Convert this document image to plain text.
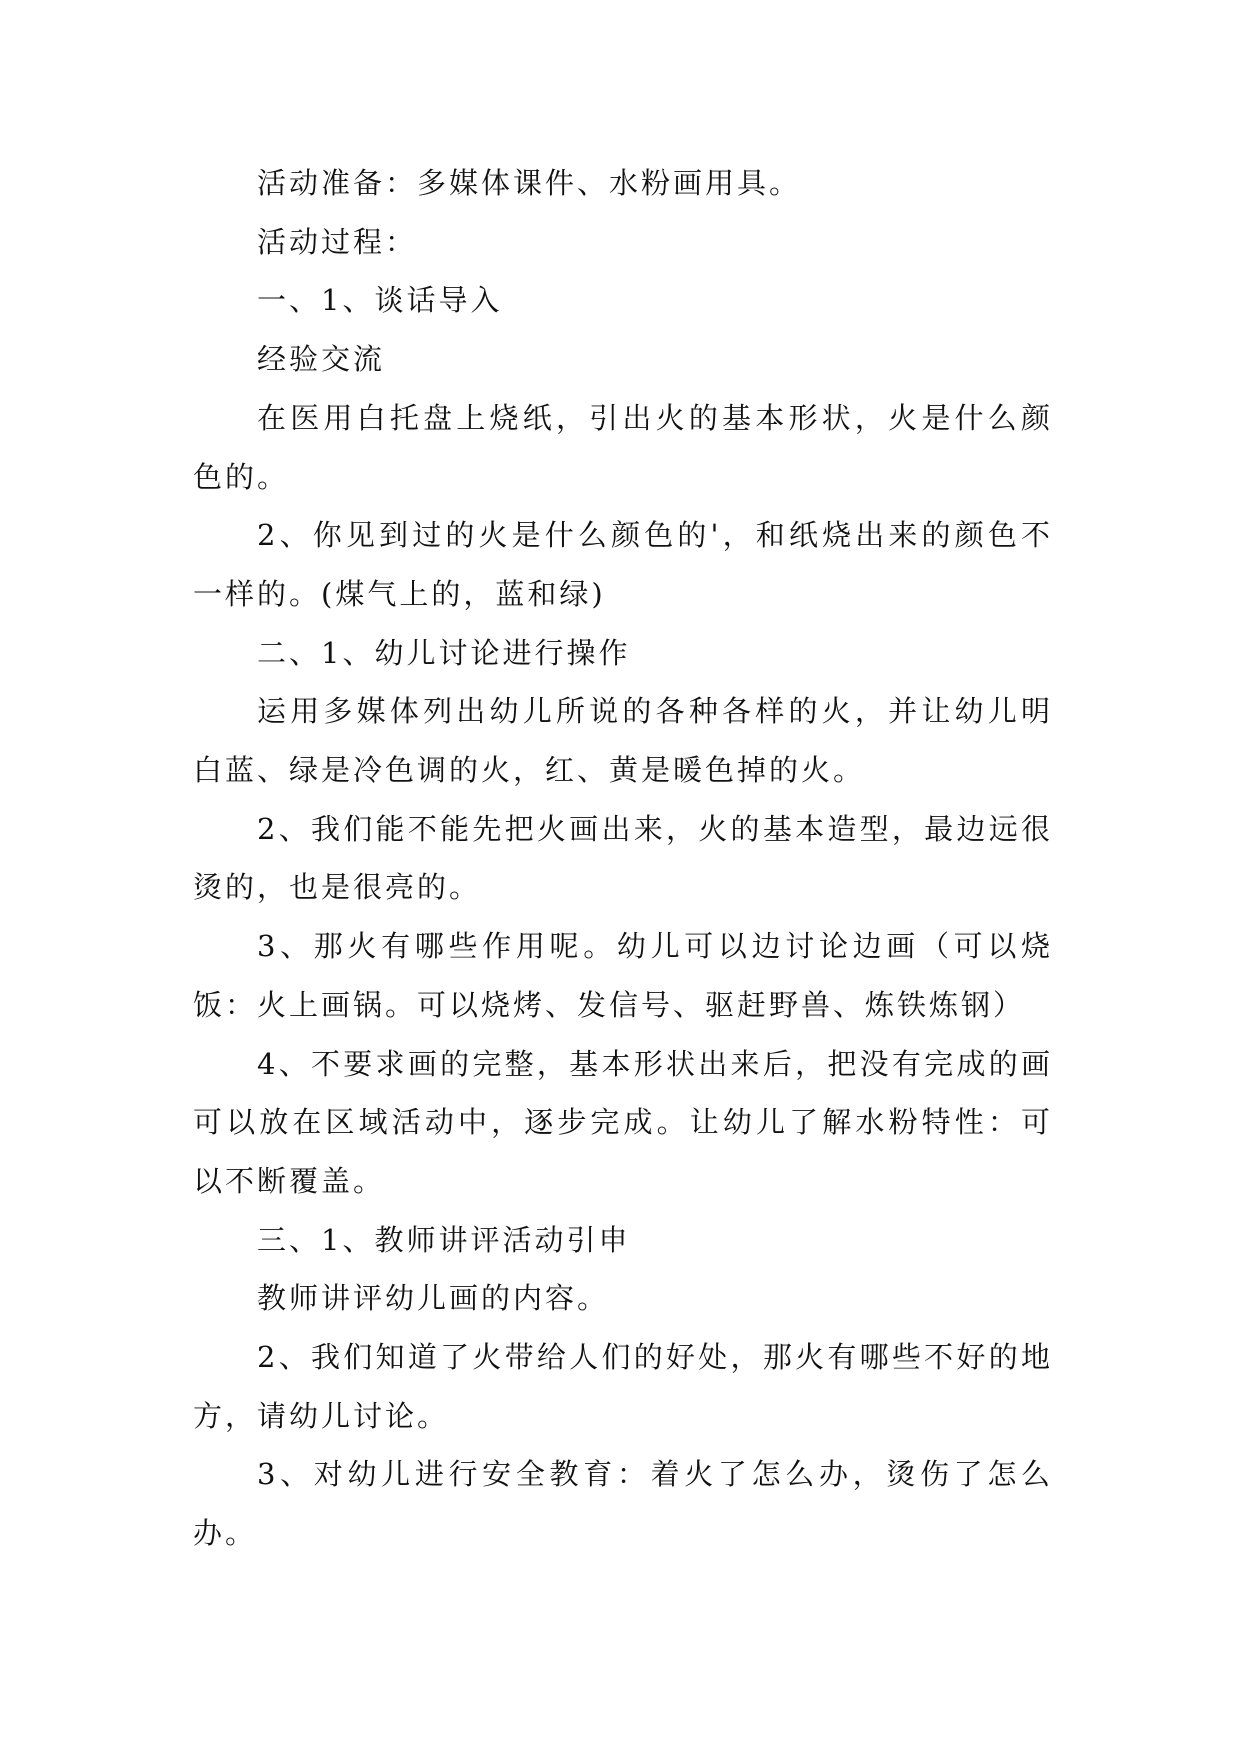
活动准备：多媒体课件、水粉画用具。

活动过程：

一、1、谈话导入

经验交流

在医用白托盘上烧纸，引出火的基本形状，火是什么颜色的。

2、你见到过的火是什么颜色的'，和纸烧出来的颜色不一样的。(煤气上的，蓝和绿)

二、1、幼儿讨论进行操作

运用多媒体列出幼儿所说的各种各样的火，并让幼儿明白蓝、绿是冷色调的火，红、黄是暖色掉的火。

2、我们能不能先把火画出来，火的基本造型，最边远很烫的，也是很亮的。

3、那火有哪些作用呢。幼儿可以边讨论边画（可以烧饭：火上画锅。可以烧烤、发信号、驱赶野兽、炼铁炼钢）

4、不要求画的完整，基本形状出来后，把没有完成的画可以放在区域活动中，逐步完成。让幼儿了解水粉特性：可以不断覆盖。

三、1、教师讲评活动引申

教师讲评幼儿画的内容。

2、我们知道了火带给人们的好处，那火有哪些不好的地方，请幼儿讨论。

3、对幼儿进行安全教育：着火了怎么办，烫伤了怎么办。
